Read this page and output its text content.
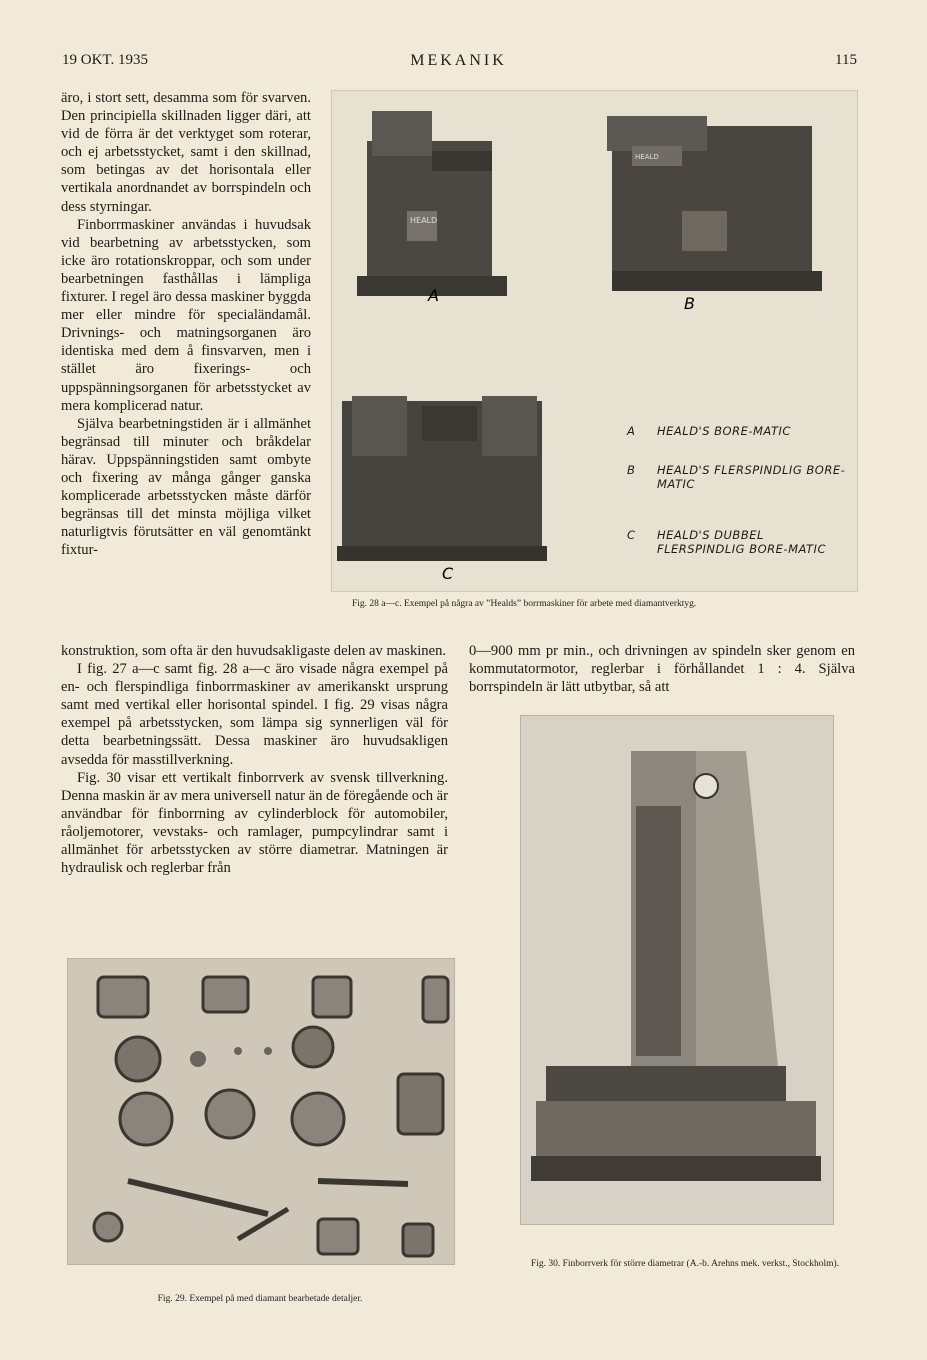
19 OKT. 1935	MEKANIK	115

äro, i stort sett, desamma som för svarven. Den principiella skillnaden ligger däri, att vid de förra är det verktyget som roterar, och ej arbetsstycket, samt i den skillnad, som betingas av det horisontala eller vertikala anordnandet av borrspindeln och dess styrningar.

Finborrmaskiner användas i huvudsak vid bearbetning av arbetsstycken, som icke äro rotationskroppar, och som under bearbetningen fasthållas i lämpliga fixturer. I regel äro dessa maskiner byggda mer eller mindre för specialändamål. Drivnings- och matningsorganen äro identiska med dem å finsvarven, men i stället äro fixerings- och uppspänningsorganen för arbetsstycket av mera komplicerad natur.

Själva bearbetningstiden är i allmänhet begränsad till minuter och bråkdelar härav. Uppspänningstiden samt ombyte och fixering av många gånger ganska komplicerade arbetsstycken måste därför begränsas till det minsta möjliga vilket naturligtvis förutsätter en väl genomtänkt fixtur-

HEALD
A
HEALD
B
C
A HEALD'S BORE-MATIC
B HEALD'S FLERSPINDLIG BORE-MATIC
C HEALD'S DUBBEL FLERSPINDLIG BORE-MATIC
Fig. 28 a—c. Exempel på några av ”Healds” borrmaskiner för arbete med diamantverktyg.

konstruktion, som ofta är den huvudsakligaste delen av maskinen.

I fig. 27 a—c samt fig. 28 a—c äro visade några exempel på en- och flerspindliga finborrmaskiner av amerikanskt ursprung samt med vertikal eller horisontal spindel. I fig. 29 visas några exempel på arbetsstycken, som lämpa sig synnerligen väl för detta bearbetningssätt. Dessa maskiner äro huvudsakligen avsedda för masstillverkning.

Fig. 30 visar ett vertikalt finborrverk av svensk tillverkning. Denna maskin är av mera universell natur än de föregående och är användbar för finborrning av cylinderblock för automobiler, råoljemotorer, vevstaks- och ramlager, pumpcylindrar samt i allmänhet för arbetsstycken av större diametrar. Matningen är hydraulisk och reglerbar från

0—900 mm pr min., och drivningen av spindeln sker genom en kommutatormotor, reglerbar i förhållandet 1 : 4. Själva borrspindeln är lätt utbytbar, så att

Fig. 30. Finborrverk för större diametrar (A.-b. Arehns mek. verkst., Stockholm).
Fig. 29. Exempel på med diamant bearbetade detaljer.
